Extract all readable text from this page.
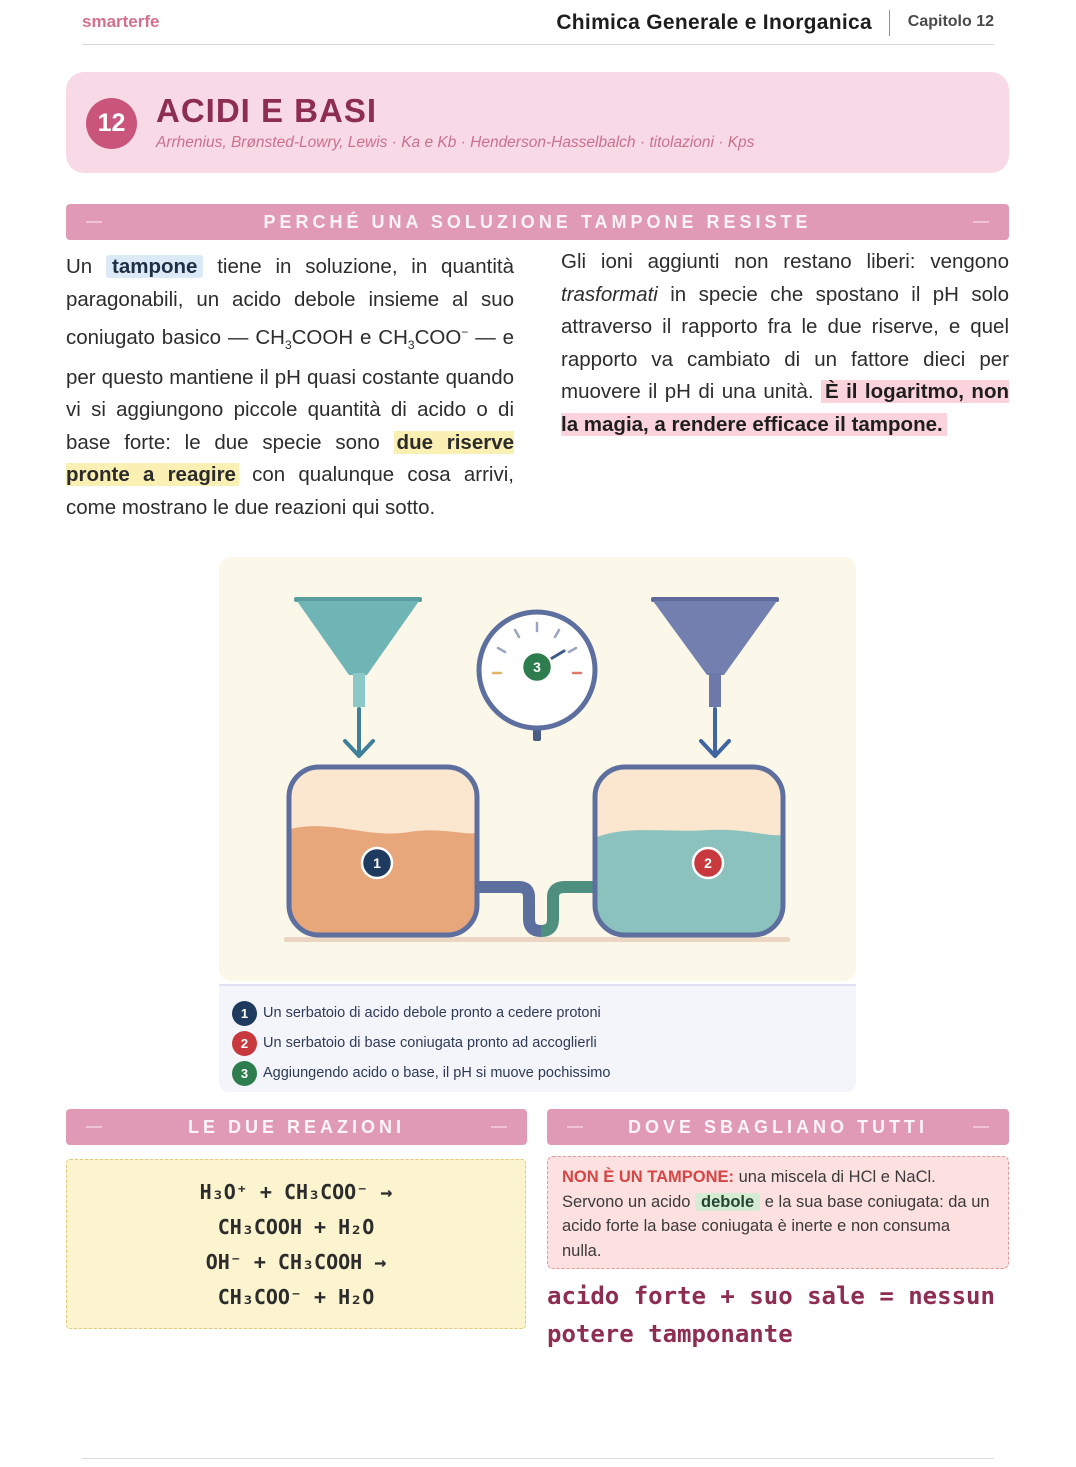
smarterfe	Chimica Generale e Inorganica Capitolo 12
12 ACIDI E BASI
Arrhenius, Brønsted-Lowry, Lewis · Ka e Kb · Henderson-Hasselbalch · titolazioni · Kps
—	PERCHÉ UNA SOLUZIONE TAMPONE RESISTE	—
Un tampone tiene in soluzione, in quantità paragonabili, un acido debole insieme al suo coniugato basico — $CH_3COOH$ e $CH_3COO^-$ — e per questo mantiene il pH quasi costante quando vi si aggiungono piccole quantità di acido o di base forte: le due specie sono due riserve pronte a reagire con qualunque cosa arrivi, come mostrano le due reazioni qui sotto.
Gli ioni aggiunti non restano liberi: vengono trasformati in specie che spostano il pH solo attraverso il rapporto fra le due riserve, e quel rapporto va cambiato di un fattore dieci per muovere il pH di una unità. È il logaritmo, non la magia, a rendere efficace il tampone.
3
1	2
1	Un serbatoio di acido debole pronto a cedere protoni
2	Un serbatoio di base coniugata pronto ad accoglierli
3	Aggiungendo acido o base, il pH si muove pochissimo
—	LE DUE REAZIONI	—
H₃O⁺ + CH₃COO⁻ →
CH₃COOH + H₂O
OH⁻ + CH₃COOH →
CH₃COO⁻ + H₂O
—	DOVE SBAGLIANO TUTTI	—
NON È UN TAMPONE: una miscela di HCl e NaCl. Servono un acido debole e la sua base coniugata: da un acido forte la base coniugata è inerte e non consuma nulla.
acido forte + suo sale = nessun potere tamponante
